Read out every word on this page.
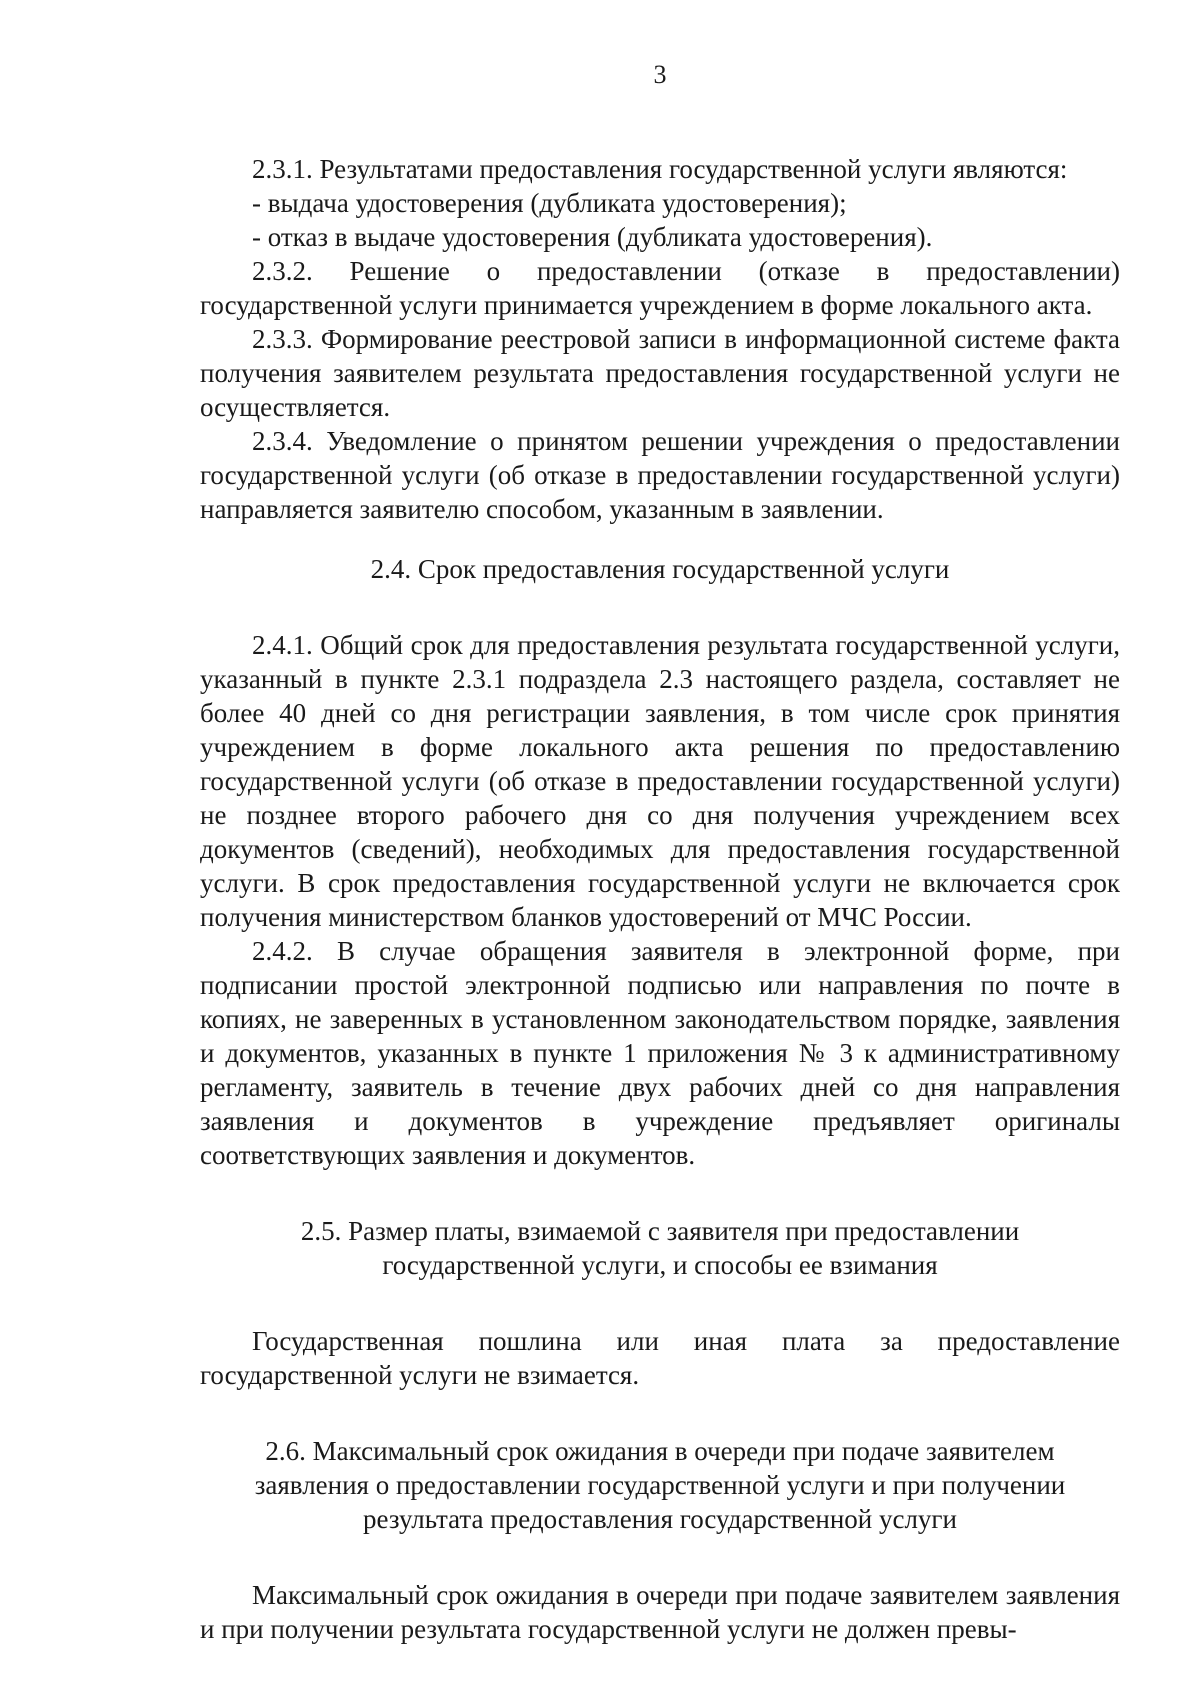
3

2.3.1. Результатами предоставления государственной услуги являются:

- выдача удостоверения (дубликата удостоверения);

- отказ в выдаче удостоверения (дубликата удостоверения).

2.3.2. Решение о предоставлении (отказе в предоставлении) государственной услуги принимается учреждением в форме локального акта.

2.3.3. Формирование реестровой записи в информационной системе факта получения заявителем результата предоставления государственной услуги не осуществляется.

2.3.4. Уведомление о принятом решении учреждения о предоставлении государственной услуги (об отказе в предоставлении государственной услуги) направляется заявителю способом, указанным в заявлении.

2.4. Срок предоставления государственной услуги

2.4.1. Общий срок для предоставления результата государственной услуги, указанный в пункте 2.3.1 подраздела 2.3 настоящего раздела, составляет не более 40 дней со дня регистрации заявления, в том числе срок принятия учреждением в форме локального акта решения по предоставлению государственной услуги (об отказе в предоставлении государственной услуги) не позднее второго рабочего дня со дня получения учреждением всех документов (сведений), необходимых для предоставления государственной услуги. В срок предоставления государственной услуги не включается срок получения министерством бланков удостоверений от МЧС России.

2.4.2. В случае обращения заявителя в электронной форме, при подписании простой электронной подписью или направления по почте в копиях, не заверенных в установленном законодательством порядке, заявления и документов, указанных в пункте 1 приложения № 3 к административному регламенту, заявитель в течение двух рабочих дней со дня направления заявления и документов в учреждение предъявляет оригиналы соответствующих заявления и документов.

2.5. Размер платы, взимаемой с заявителя при предоставлении
государственной услуги, и способы ее взимания

Государственная пошлина или иная плата за предоставление государственной услуги не взимается.

2.6. Максимальный срок ожидания в очереди при подаче заявителем заявления о предоставлении государственной услуги и при получении результата предоставления государственной услуги

Максимальный срок ожидания в очереди при подаче заявителем заявления и при получении результата государственной услуги не должен превы-
